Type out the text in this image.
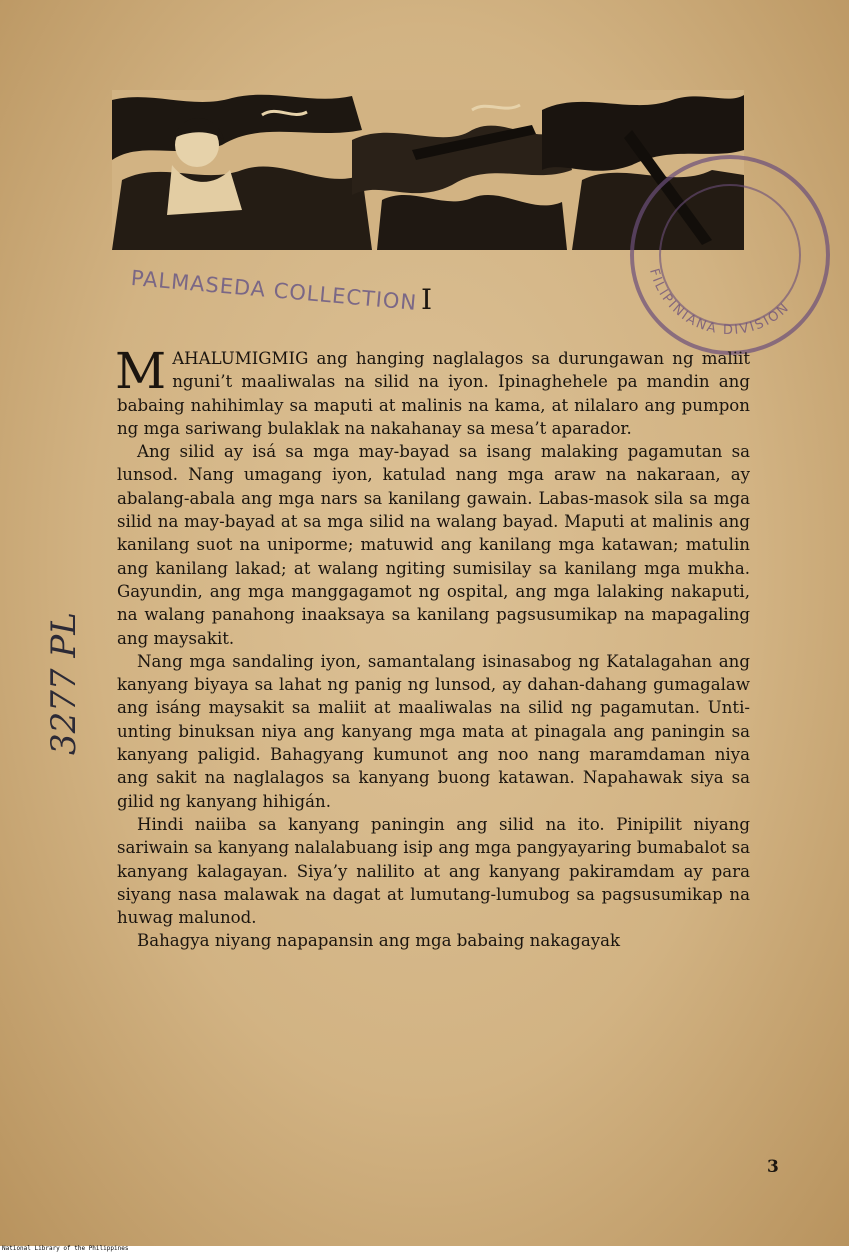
FILIPINIANA DIVISION
PALMASEDA COLLECTION I
3277 PL

MAHALUMIGMIG ang hanging naglalagos sa durungawan ng maliit nguni’t maaliwalas na silid na iyon. Ipinaghehele pa mandin ang babaing nahihimlay sa maputi at malinis na kama, at nilalaro ang pumpon ng mga sariwang bulaklak na nakahanay sa mesa’t aparador.

Ang silid ay isá sa mga may-bayad sa isang malaking pagamutan sa lunsod. Nang umagang iyon, katulad nang mga araw na nakaraan, ay abalang-abala ang mga nars sa kanilang gawain. Labas-masok sila sa mga silid na may-bayad at sa mga silid na walang bayad. Maputi at malinis ang kanilang suot na uniporme; matuwid ang kanilang mga katawan; matulin ang kanilang lakad; at walang ngiting sumisilay sa kanilang mga mukha. Gayundin, ang mga manggagamot ng ospital, ang mga lalaking nakaputi, na walang panahong inaaksaya sa kanilang pagsusumikap na mapagaling ang maysakit.

Nang mga sandaling iyon, samantalang isinasabog ng Katalagahan ang kanyang biyaya sa lahat ng panig ng lunsod, ay dahan-dahang gumagalaw ang isáng maysakit sa maliit at maaliwalas na silid ng pagamutan. Unti-unting binuksan niya ang kanyang mga mata at pinagala ang paningin sa kanyang paligid. Bahagyang kumunot ang noo nang maramdaman niya ang sakit na naglalagos sa kanyang buong katawan. Napahawak siya sa gilid ng kanyang hihigán.

Hindi naiiba sa kanyang paningin ang silid na ito. Pinipilit niyang sariwain sa kanyang nalalabuang isip ang mga pangyayaring bumabalot sa kanyang kalagayan. Siya’y nalilito at ang kanyang pakiramdam ay para siyang nasa malawak na dagat at lumutang-lumubog sa pagsusumikap na huwag malunod.

Bahagya niyang napapansin ang mga babaing nakagayak

3
National Library of the Philippines
